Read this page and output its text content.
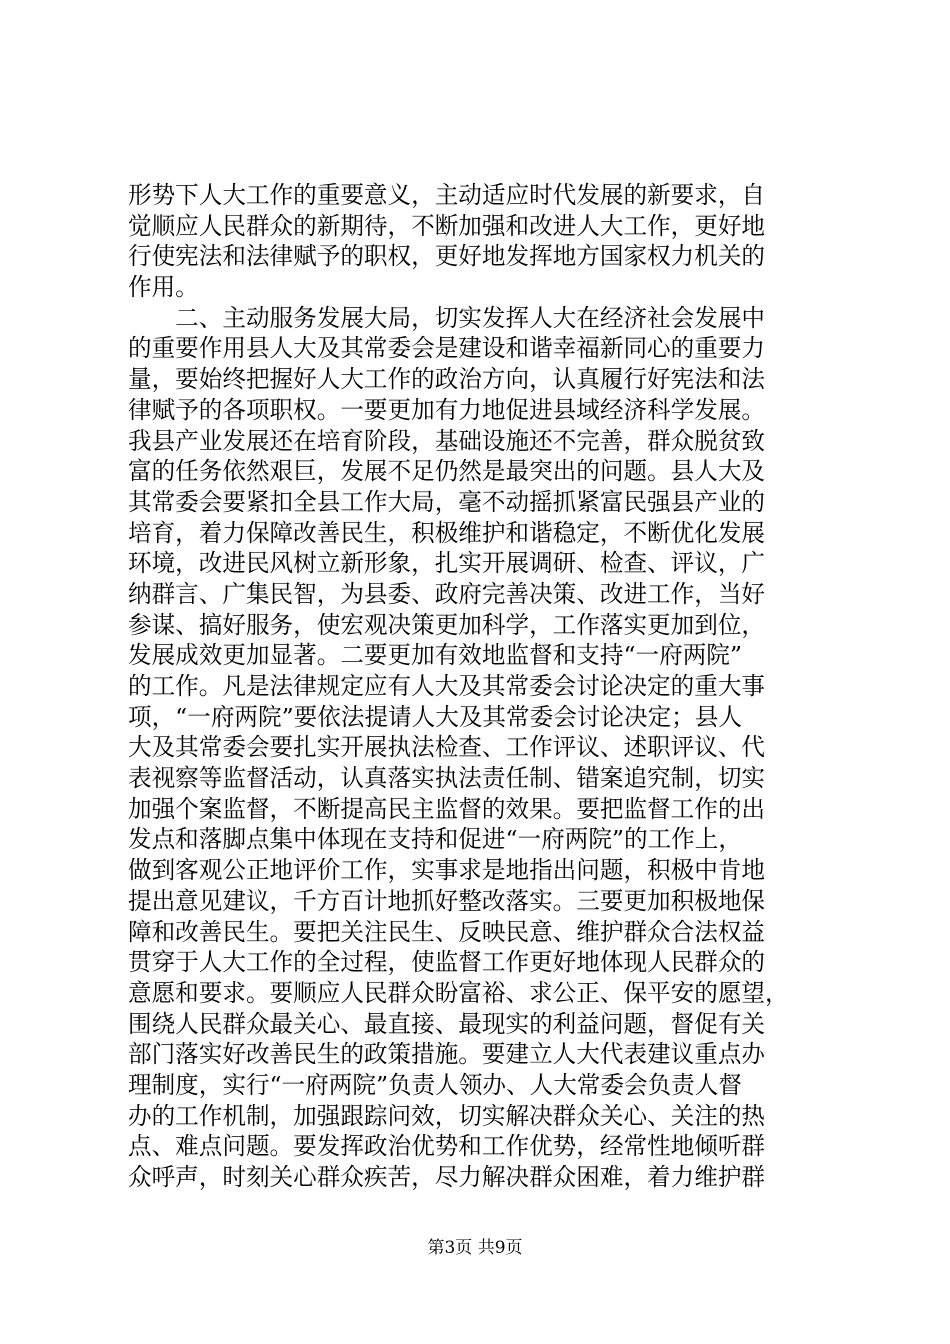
形势下人大工作的重要意义，主动适应时代发展的新要求，自
觉顺应人民群众的新期待，不断加强和改进人大工作，更好地
行使宪法和法律赋予的职权，更好地发挥地方国家权力机关的
作用。
　　二、主动服务发展大局，切实发挥人大在经济社会发展中
的重要作用县人大及其常委会是建设和谐幸福新同心的重要力
量，要始终把握好人大工作的政治方向，认真履行好宪法和法
律赋予的各项职权。一要更加有力地促进县域经济科学发展。
我县产业发展还在培育阶段，基础设施还不完善，群众脱贫致
富的任务依然艰巨，发展不足仍然是最突出的问题。县人大及
其常委会要紧扣全县工作大局，毫不动摇抓紧富民强县产业的
培育，着力保障改善民生，积极维护和谐稳定，不断优化发展
环境，改进民风树立新形象，扎实开展调研、检查、评议，广
纳群言、广集民智，为县委、政府完善决策、改进工作，当好
参谋、搞好服务，使宏观决策更加科学，工作落实更加到位，
发展成效更加显著。二要更加有效地监督和支持“一府两院”
的工作。凡是法律规定应有人大及其常委会讨论决定的重大事
项，“一府两院”要依法提请人大及其常委会讨论决定；县人
大及其常委会要扎实开展执法检查、工作评议、述职评议、代
表视察等监督活动，认真落实执法责任制、错案追究制，切实
加强个案监督，不断提高民主监督的效果。要把监督工作的出
发点和落脚点集中体现在支持和促进“一府两院”的工作上，
做到客观公正地评价工作，实事求是地指出问题，积极中肯地
提出意见建议，千方百计地抓好整改落实。三要更加积极地保
障和改善民生。要把关注民生、反映民意、维护群众合法权益
贯穿于人大工作的全过程，使监督工作更好地体现人民群众的
意愿和要求。要顺应人民群众盼富裕、求公正、保平安的愿望，
围绕人民群众最关心、最直接、最现实的利益问题，督促有关
部门落实好改善民生的政策措施。要建立人大代表建议重点办
理制度，实行“一府两院”负责人领办、人大常委会负责人督
办的工作机制，加强跟踪问效，切实解决群众关心、关注的热
点、难点问题。要发挥政治优势和工作优势，经常性地倾听群
众呼声，时刻关心群众疾苦，尽力解决群众困难，着力维护群
第3页 共9页
